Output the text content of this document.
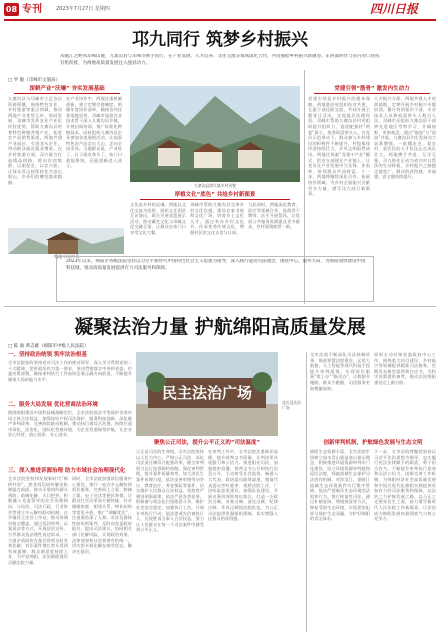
08 专刊	2023年7月27日 星期四	四川日报
邛九同行 筑梦乡村振兴
从岷江之畔到邛崃山麓，九寨沟县与邛崃市携手同行，在产业发展、人才培养、文化交流等领域深化合作，共同描绘乡村振兴新画卷。东西部协作与省内对口帮扶有机衔接，为两地高质量发展注入强劲动力。
□ 罗 敏（邛崃市文旅局）
深耕产业“沃壤” 夯实发展基础
九寨沟县与邛崃市立足各自资源禀赋，围绕特色农业、乡村旅游等重点领域，推动两地产业优势互补、协同发展。邛崃市发挥农业产业化经验优势，帮助九寨沟县培育特色种植养殖产业，拓宽农产品销售渠道。两地共建产业园区，引进龙头企业，带动群众就近就业增收。在乡村旅游方面，双方联合打造精品线路，推出民宿集群，以旅促农、以农兴旅，让绿水青山持续转化为金山银山，乡亲们的腰包越来越鼓。
在产业协作中，两地注重机制创新，建立定期会商制度，明确年度协作清单，确保各项任务落地见效。邛崃市选派农业技术骨干深入九寨沟县乡镇，开展田间培训，推广标准化种植技术。同时组织九寨沟县企业参加各类展销活动，让高原特色农产品走出大山、走向全国市场。当地群众说，产业旺了，日子就有奔头了，家门口就能挣钱，还能照顾老人孩子。
“鹰巢”民宿外景
九寨沟县漳扎镇乡村风貌
厚植文化“底色” 共绘乡村新图景
文化是乡村的灵魂。两地以文化交流为纽带，组织文艺团队互访演出，联合开展非遗展示活动，推动藏羌文化与邛崃文化交融互鉴，让群众在家门口享受文化大餐。
邛崃市帮助九寨沟县完善乡村文化设施，建设农家书屋和文化广场，培育乡土文化人才。通过举办乡村文化节，传承优秀传统文化，增强村民的文化自信与认同。
与此同时，两地深化教育、医疗等领域合作，选派骨干教师、医生开展帮扶，让优质公共服务资源惠及更多群众，乡村面貌焕然一新。
党建引领“筋骨” 激发内生动力
党建引领是乡村振兴的根本保障。两地基层党组织结对共建，互派干部挂职交流，共同开展主题党日活动，交流基层治理经验。邛崃市帮助九寨沟县村党组织提升组织力，选优配强村“两委”班子，培养致富带头人。在党员示范带动下，群众参与乡村建设的积极性不断提升，村级集体经济持续壮大，乡风文明蔚然成风。两地还探索“党建+产业”模式，把党支部建在产业链上，让党员在产业发展中当先锋、作表率，带领群众共同致富。下一步，两地将继续深化合作，拓展协作领域，为乡村全面振兴贡献更多力量，谱写邛九同行新篇章。
人才振兴方面，两地共建人才培训基地，定期开展乡村振兴专题培训，累计培训基层干部、专业技术人员和致富带头人数百人次。邛崃市还组织九寨沟县干部到先进地区考察学习，开阔视野、更新观念。通过“输血”与“造血”并重，九寨沟县内生发展动力显著增强，一批懂农业、爱农村、爱农民的人才队伍正在成长壮大。两地携手共进、互学互鉴，邛九协作正成为省内对口帮扶的生动样板，乡村振兴之路越走越宽广，群众的获得感、幸福感、安全感持续提升。
2023年以来，绵阳市各级法院坚持以习近平新时代中国特色社会主义思想为指导，深入践行能动司法理念，围绕中心、服务大局，为绵阳加快建设中国科技城、推动高质量发展提供有力司法服务和保障。
凝聚法治力量 护航绵阳高质量发展
□ 陈 渝 黄志雄（绵阳市中级人民法院）
一、坚持政治统领 筑牢法治根基
全市法院始终坚持党对司法工作的绝对领导，深入学习贯彻党的二十大精神，把讲政治作为第一要求，坚决贯彻落实中央和省委、市委决策部署，确保审判执行工作始终沿着正确方向前进，不断提升服务大局的能力水平。
二、服务大局发展 优化营商法治环境
围绕绵阳建设中国科技城战略定位，全市法院依法平等保护各类市场主体合法权益，加强知识产权司法保护，服务科技创新。深化破产审判改革，完善府院联动机制，推动执行难综合治理，持续打造市场化、法治化、国际化营商环境，为企业发展保驾护航，让企业安心经营、放心投资、专心创业。
三、深入推进诉源治理 助力市域社会治理现代化
全市法院坚持和发展新时代“枫桥经验”，把非诉讼纠纷解决机制挺在前面，推动矛盾纠纷源头预防、前端化解、关口把控。积极融入党委领导的社会治理格局，与综治、司法行政、行业协会等建立多元解纷联动机制，在乡镇设立法官工作站，推动诉调对接全覆盖。通过巡回审判、以案说法等方式，开展法治宣传，引导群众依法理性表达诉求。一大批矛盾纠纷在基层得到及时有效化解，诉讼案件增长势头得到有效遏制，群众满意度持续上升，为平安绵阳、法治绵阳建设贡献法院力量。
同时，全市法院加强诉讼服务中心建设，推行一站式多元解纷和诉讼服务，完善网上立案、跨域立案、电子送达等便民举措，让群众打官司更加方便快捷。针对婚姻家庭、相邻关系、物业纠纷等常见矛盾，推广“调解优先”，注重案结事了人和。对涉及群体性纠纷的案件，及时向党委政府报告，提出司法建议，协同相关部门化解风险，实现政治效果、法律效果和社会效果有机统一，切实把矛盾化解在萌芽状态、解决在基层。
民主法治广场
北川县法治广场
聚焦公正司法，提升公平正义的“司法温度”
公正是司法的生命线。全市法院坚持以人民为中心，严格公正司法，深化司法责任制综合配套改革，健全审判权力运行监督制约机制，强化审判管理，提升案件质量效率。加大涉民生案件审理力度，依法妥善审理劳动争议、教育医疗、养老保险等案件，切实维护人民群众合法权益。坚持宽严相济刑事政策，依法严惩各类犯罪，积极参与常态化扫黑除恶斗争，维护社会安全稳定。加强执行工作，开展专项执行行动，依法惩戒失信被执行人，兑现胜诉当事人合法权益，努力让人民群众在每一个司法案件中感受到公平正义。
在审判工作中，全市法院注重释法说理，提升裁判文书质量，让判决更具说服力和公信力。推进阳光司法，加强庭审直播、裁判文书公开和执行信息公开，主动接受社会监督。畅通人大代表、政协委员联络渠道，邀请代表委员旁听庭审、视察法院工作，广泛听取意见建议。加强队伍建设，开展业务培训和岗位练兵，打造一支政治过硬、业务过硬、责任过硬、纪律过硬、作风过硬的法院队伍，为公正司法提供坚强组织保障，切实增强人民群众的获得感。
创新审判机制，护航绿色发展与生态文明
全市法院不断深化司法体制改革，推进智慧法院建设，运用大数据、人工智能等现代科技手段提升审判质效，实现诉讼服务“掌上办”“指尖办”，让数据多跑路、群众少跑腿，司法服务更加便捷高效。
同时主动对接党委政府中心工作，围绕重大项目建设、乡村振兴等领域提供精准司法服务，定期发布典型案例和白皮书，为科学决策提供参考，推动法治绵阳建设迈上新台阶。
绵阳生态资源丰富，全市法院牢固树立绿水青山就是金山银山理念，积极推进环境资源审判专门化建设，设立环境资源审判庭和巡回法庭，探索流域生态保护司法协作机制，对涉涪江、嘉陵江流域生态环境案件实行集中管辖，依法严惩破坏生态环境违法犯罪行为。推行恢复性司法，通过补植复绿、增殖放流等方式，修复受损生态环境，实现惩治犯罪与保护生态双赢，守护好绵阳的青山绿水。
下一步，全市法院将继续坚持以习近平法治思想为指导，忠实履行宪法法律赋予的职责，勇于担当作为，不断提升审判执行质效和司法公信力，创新完善工作机制，为绵阳经济社会高质量发展和中国式现代化绵阳实践提供更加有力的司法服务和保障，以法治之力护航发展之路，以公正之光照亮民生之需，奋力谱写新时代人民法院工作新篇章，让法治成为绵阳发展的最强底气与核心竞争力。
